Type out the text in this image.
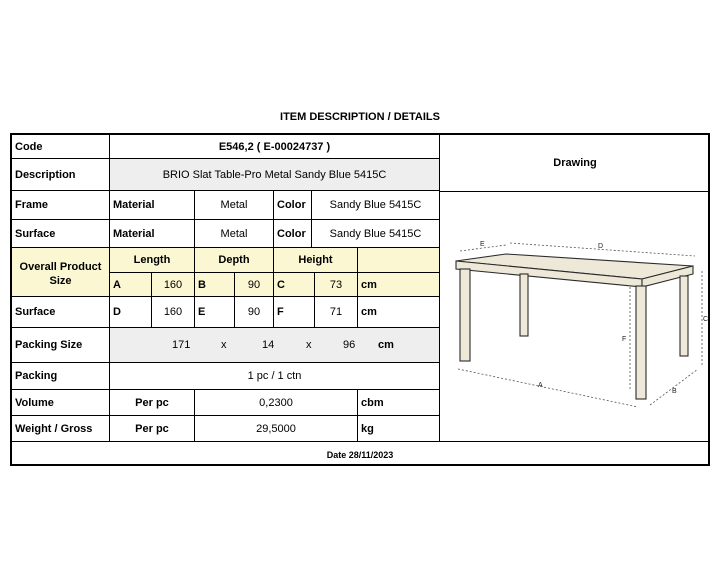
ITEM DESCRIPTION / DETAILS
Code	E546,2 ( E-00024737 )
Description	BRIO Slat Table-Pro Metal Sandy Blue 5415C
Frame	Material	Metal	Color	Sandy Blue 5415C
Surface	Material	Metal	Color	Sandy Blue 5415C
Overall Product Size
Length	Depth	Height
A	160	B	90	C	73	cm
Surface	D	160	E	90	F	71	cm
Packing Size	171	x	14	x	96 cm
Packing	1 pc / 1 ctn
Volume	Per pc	0,2300	cbm
Weight / Gross	Per pc	29,5000	kg
Drawing
E	D
C
F
A
B
Date 28/11/2023
